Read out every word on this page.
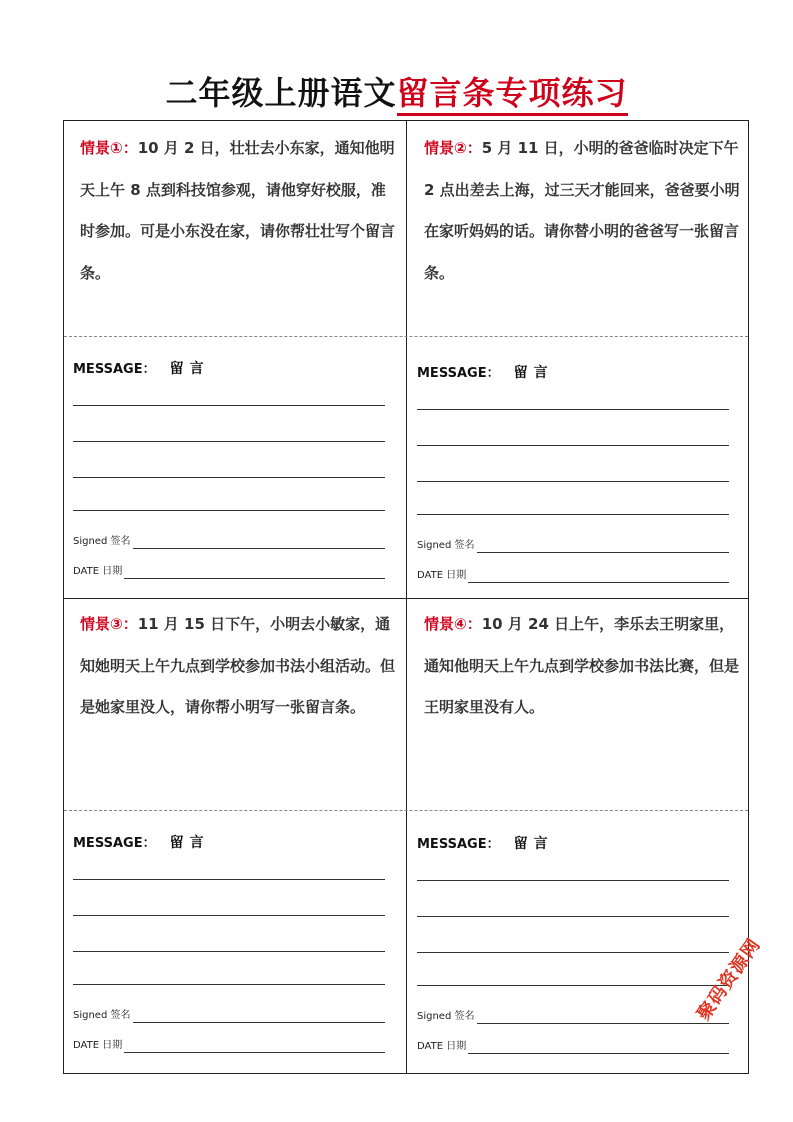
二年级上册语文留言条专项练习
情景①：10 月 2 日，壮壮去小东家，通知他明天上午 8 点到科技馆参观，请他穿好校服，准时参加。可是小东没在家，请你帮壮壮写个留言条。
情景②：5 月 11 日，小明的爸爸临时决定下午 2 点出差去上海，过三天才能回来，爸爸要小明在家听妈妈的话。请你替小明的爸爸写一张留言条。
情景③：11 月 15 日下午，小明去小敏家，通知她明天上午九点到学校参加书法小组活动。但是她家里没人，请你帮小明写一张留言条。
情景④：10 月 24 日上午，李乐去王明家里，通知他明天上午九点到学校参加书法比赛，但是王明家里没有人。
MESSAGE： 留言
Signed 签名
DATE 日期
MESSAGE： 留言
Signed 签名
DATE 日期
MESSAGE： 留言
Signed 签名
DATE 日期
MESSAGE： 留言
Signed 签名
DATE 日期
聚码资源网
